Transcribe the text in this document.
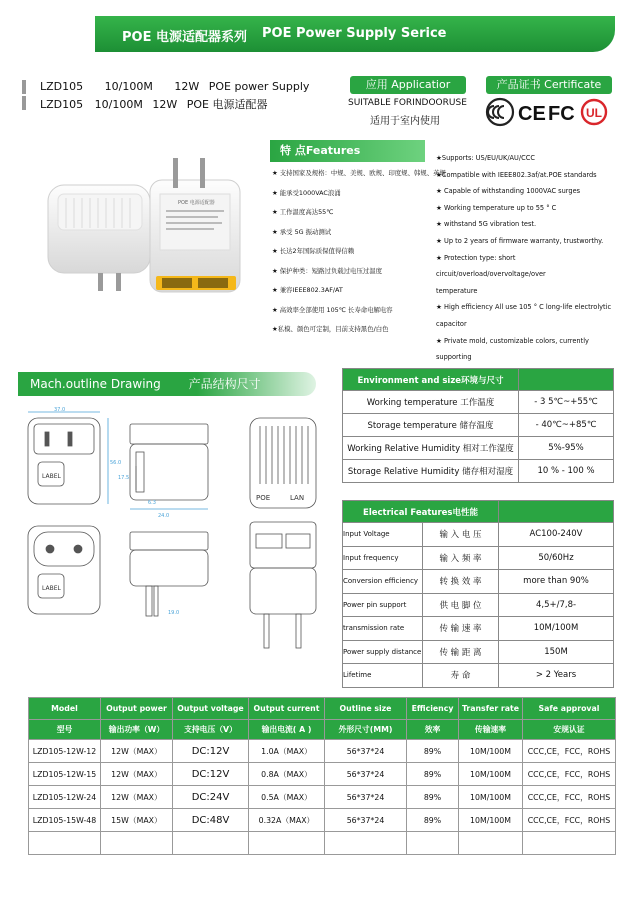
POE 电源适配器系列 POE Power Supply Serice
LZD105 10/100M 12W POE power Supply
LZD105 10/100M 12W POE 电源适配器
应用 Applicatior
SUITABLE FORINDOORUSE
适用于室内使用
产品证书 Certificate
CE FC UL
POE 电源适配器
特 点Features
★ 支持国家及规格：中规、美规、欧规、印度规、韩规、英规
★ 能承受1000VAC浪涌
★ 工作温度高达55℃
★ 承受 5G 振动测试
★ 长达2年国际质保值得信赖
★ 保护种类：短路过负载过电压过温度
★ 兼容IEEE802.3AF/AT
★ 高效率全部使用 105℃ 长寿命电解电容
★私模、颜色可定制，目前支持黑色/白色
★Supports: US/EU/UK/AU/CCC
★Compatible with IEEE802.3af/at.POE standards
★ Capable of withstanding 1000VAC surges
★ Working temperature up to 55 ° C
★ withstand 5G vibration test.
★ Up to 2 years of firmware warranty, trustworthy.
★ Protection type: short circuit/overload/overvoltage/over
temperature
★ High efficiency All use 105 ° C long-life electrolytic
capacitor
★ Private mold, customizable colors, currently supporting
Mach.outline Drawing 产品结构尺寸
37.0
56.0
24.0
17.5
6.3
19.0
LABEL
LABEL
POE	LAN
Environment and size环境与尺寸	
Working temperature 工作温度	- 3 5℃~+55℃
Storage temperature 储存温度	- 40℃~+85℃
Working Relative Humidity 相对工作湿度	5%-95%
Storage Relative Humidity 储存相对湿度	10 % - 100 %
Electrical Features电性能		
Input Voltage	输 入 电 压	AC100-240V
Input frequency	输 入 频 率	50/60Hz
Conversion efficiency	转 换 效 率	more than 90%
Power pin support	供 电 脚 位	4,5+/7,8-
transmission rate	传 输 速 率	10M/100M
Power supply distance	传 输 距 离	150M
Lifetime	寿 命	> 2 Years
Model	Output power	Output voltage	Output current	Outline size	Efficiency	Transfer rate	Safe approval
型号	输出功率（W）	支持电压（V）	输出电流( A )	外形尺寸(MM)	效率	传输速率	安规认证
LZD105-12W-12	12W（MAX）	DC:12V	1.0A（MAX）	56*37*24	89%	10M/100M	CCC,CE，FCC，ROHS
LZD105-12W-15	12W（MAX）	DC:12V	0.8A（MAX）	56*37*24	89%	10M/100M	CCC,CE，FCC，ROHS
LZD105-12W-24	12W（MAX）	DC:24V	0.5A（MAX）	56*37*24	89%	10M/100M	CCC,CE，FCC，ROHS
LZD105-15W-48	15W（MAX）	DC:48V	0.32A（MAX）	56*37*24	89%	10M/100M	CCC,CE，FCC，ROHS
